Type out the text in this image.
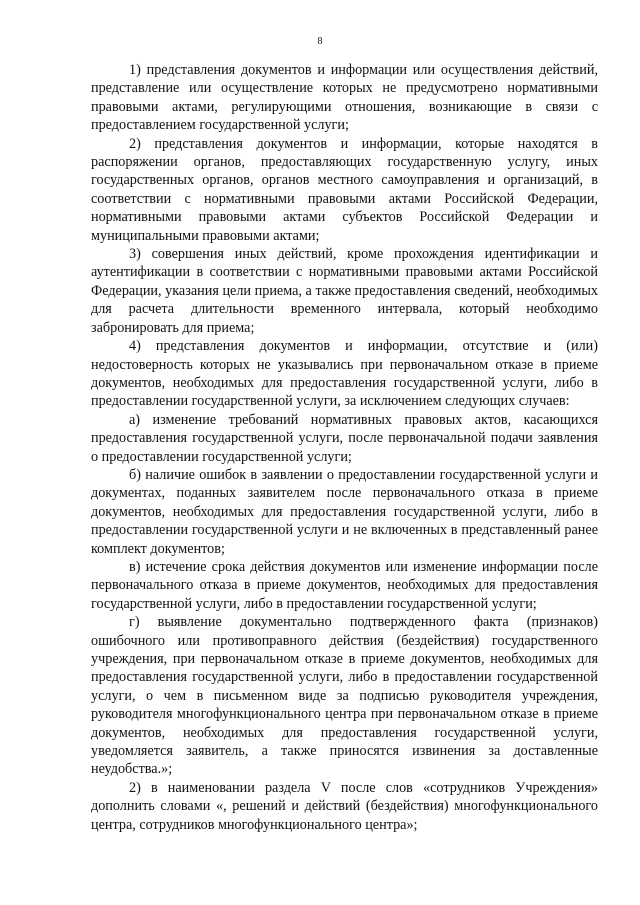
8

1) представления документов и информации или осуществления действий, представление или осуществление которых не предусмотрено нормативными правовыми актами, регулирующими отношения, возникающие в связи с предоставлением государственной услуги;

2) представления документов и информации, которые находятся в распоряжении органов, предоставляющих государственную услугу, иных государственных органов, органов местного самоуправления и организаций, в соответствии с нормативными правовыми актами Российской Федерации, нормативными правовыми актами субъектов Российской Федерации и муниципальными правовыми актами;

3) совершения иных действий, кроме прохождения идентификации и аутентификации в соответствии с нормативными правовыми актами Российской Федерации, указания цели приема, а также предоставления сведений, необходимых для расчета длительности временного интервала, который необходимо забронировать для приема;

4) представления документов и информации, отсутствие и (или) недостоверность которых не указывались при первоначальном отказе в приеме документов, необходимых для предоставления государственной услуги, либо в предоставлении государственной услуги, за исключением следующих случаев:

а) изменение требований нормативных правовых актов, касающихся предоставления государственной услуги, после первоначальной подачи заявления о предоставлении государственной услуги;

б) наличие ошибок в заявлении о предоставлении государственной услуги и документах, поданных заявителем после первоначального отказа в приеме документов, необходимых для предоставления государственной услуги, либо в предоставлении государственной услуги и не включенных в представленный ранее комплект документов;

в) истечение срока действия документов или изменение информации после первоначального отказа в приеме документов, необходимых для предоставления государственной услуги, либо в предоставлении государственной услуги;

г) выявление документально подтвержденного факта (признаков) ошибочного или противоправного действия (бездействия) государственного учреждения, при первоначальном отказе в приеме документов, необходимых для предоставления государственной услуги, либо в предоставлении государственной услуги, о чем в письменном виде за подписью руководителя учреждения, руководителя многофункционального центра при первоначальном отказе в приеме документов, необходимых для предоставления государственной услуги, уведомляется заявитель, а также приносятся извинения за доставленные неудобства.»;

2) в наименовании раздела V после слов «сотрудников Учреждения» дополнить словами «, решений и действий (бездействия) многофункционального центра, сотрудников многофункционального центра»;
